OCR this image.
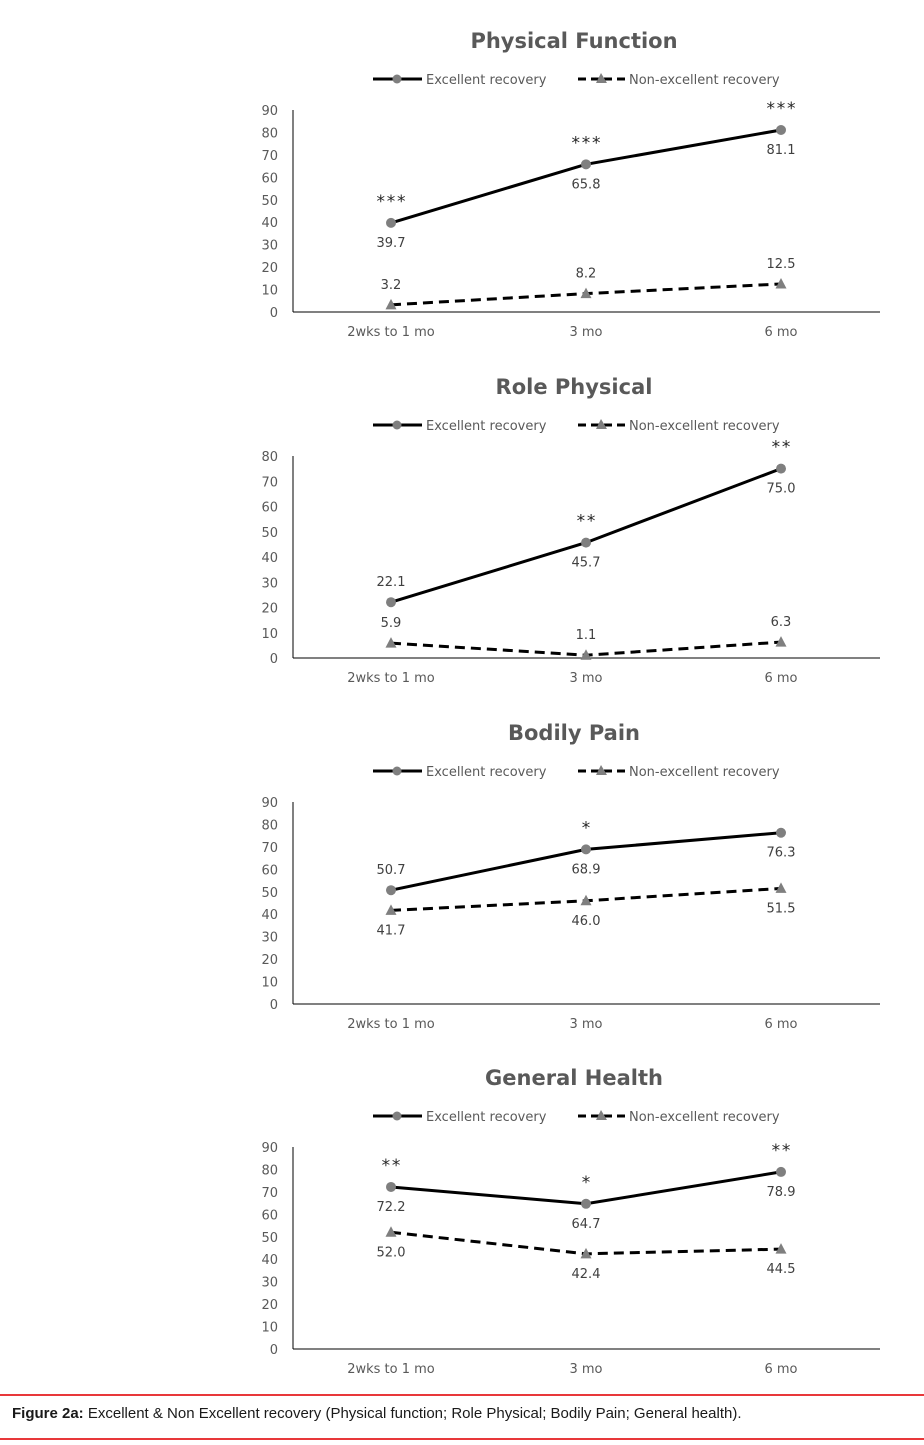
Physical Function
Excellent recovery	Non-excellent recovery
0
10
20
30
40
50
60
70
80
90
2wks to 1 mo	3 mo	6 mo
39.7
65.8
81.1
3.2
8.2
12.5
***
***
***
Role Physical
Excellent recovery	Non-excellent recovery
0
10
20
30
40
50
60
70
80
2wks to 1 mo	3 mo	6 mo
22.1
45.7
75.0
5.9
1.1
6.3
**
**
Bodily Pain
Excellent recovery	Non-excellent recovery
0
10
20
30
40
50
60
70
80
90
2wks to 1 mo	3 mo	6 mo
50.7	68.9
76.3
41.7
46.0
51.5
*
General Health
Excellent recovery	Non-excellent recovery
0
10
20
30
40
50
60
70
80
90
2wks to 1 mo	3 mo	6 mo
72.2
64.7
78.9
52.0
42.4	44.5
**
*
**
Figure 2a: Excellent & Non Excellent recovery (Physical function; Role Physical; Bodily Pain; General health).
